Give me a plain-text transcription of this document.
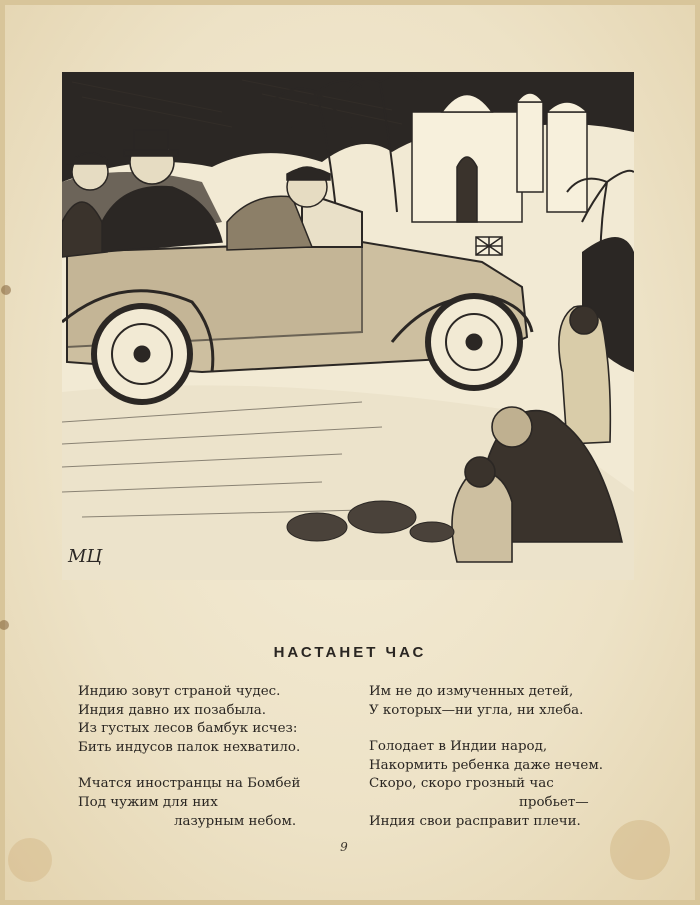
МЦ
НАСТАНЕТ ЧАС
Индию зовут страной чудес.
Индия давно их позабыла.
Из густых лесов бамбук исчез:
Бить индусов палок нехватило.
Мчатся иностранцы на Бомбей
Под чужим для них
лазурным небом.
Им не до измученных детей,
У которых—ни угла, ни хлеба.
Голодает в Индии народ,
Накормить ребенка даже нечем.
Скоро, скоро грозный час
пробьет—
Индия свои расправит плечи.
9
